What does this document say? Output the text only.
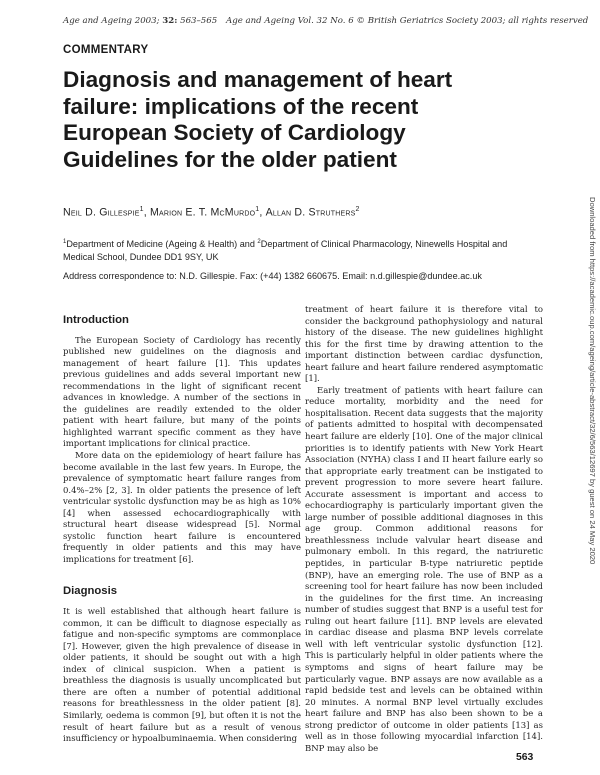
Age and Ageing 2003; 32: 563–565 Age and Ageing Vol. 32 No. 6 © British Geriatrics Society 2003; all rights reserved
COMMENTARY
Diagnosis and management of heart failure: implications of the recent European Society of Cardiology Guidelines for the older patient
Neil D. Gillespie$^1$, Marion E. T. McMurdo$^1$, Allan D. Struthers$^2$
$^1$Department of Medicine (Ageing & Health) and $^2$Department of Clinical Pharmacology, Ninewells Hospital and Medical School, Dundee DD1 9SY, UK
Address correspondence to: N.D. Gillespie. Fax: (+44) 1382 660675. Email: n.d.gillespie@dundee.ac.uk
Introduction

The European Society of Cardiology has recently published new guidelines on the diagnosis and management of heart failure [1]. This updates previous guidelines and adds several important new recommendations in the light of significant recent advances in knowledge. A number of the sections in the guidelines are readily extended to the older patient with heart failure, but many of the points highlighted warrant specific comment as they have important implications for clinical practice.

More data on the epidemiology of heart failure has become available in the last few years. In Europe, the prevalence of symptomatic heart failure ranges from 0.4%–2% [2, 3]. In older patients the presence of left ventricular systolic dysfunction may be as high as 10% [4] when assessed echocardiographically with structural heart disease widespread [5]. Normal systolic function heart failure is encountered frequently in older patients and this may have implications for treatment [6].

Diagnosis

It is well established that although heart failure is common, it can be difficult to diagnose especially as fatigue and non-specific symptoms are commonplace [7]. However, given the high prevalence of disease in older patients, it should be sought out with a high index of clinical suspicion. When a patient is breathless the diagnosis is usually uncomplicated but there are often a number of potential additional reasons for breathlessness in the older patient [8]. Similarly, oedema is common [9], but often it is not the result of heart failure but as a result of venous insufficiency or hypoalbuminaemia. When considering

treatment of heart failure it is therefore vital to consider the background pathophysiology and natural history of the disease. The new guidelines highlight this for the first time by drawing attention to the important distinction between cardiac dysfunction, heart failure and heart failure rendered asymptomatic [1].

Early treatment of patients with heart failure can reduce mortality, morbidity and the need for hospitalisation. Recent data suggests that the majority of patients admitted to hospital with decompensated heart failure are elderly [10]. One of the major clinical priorities is to identify patients with New York Heart Association (NYHA) class I and II heart failure early so that appropriate early treatment can be instigated to prevent progression to more severe heart failure. Accurate assessment is important and access to echocardiography is particularly important given the large number of possible additional diagnoses in this age group. Common additional reasons for breathlessness include valvular heart disease and pulmonary emboli. In this regard, the natriuretic peptides, in particular B-type natriuretic peptide (BNP), have an emerging role. The use of BNP as a screening tool for heart failure has now been included in the guidelines for the first time. An increasing number of studies suggest that BNP is a useful test for ruling out heart failure [11]. BNP levels are elevated in cardiac disease and plasma BNP levels correlate well with left ventricular systolic dysfunction [12]. This is particularly helpful in older patients where the symptoms and signs of heart failure may be particularly vague. BNP assays are now available as a rapid bedside test and levels can be obtained within 20 minutes. A normal BNP level virtually excludes heart failure and BNP has also been shown to be a strong predictor of outcome in older patients [13] as well as in those following myocardial infarction [14]. BNP may also be

563
Downloaded from https://academic.oup.com/ageing/article-abstract/32/6/563/12697 by guest on 24 May 2020
